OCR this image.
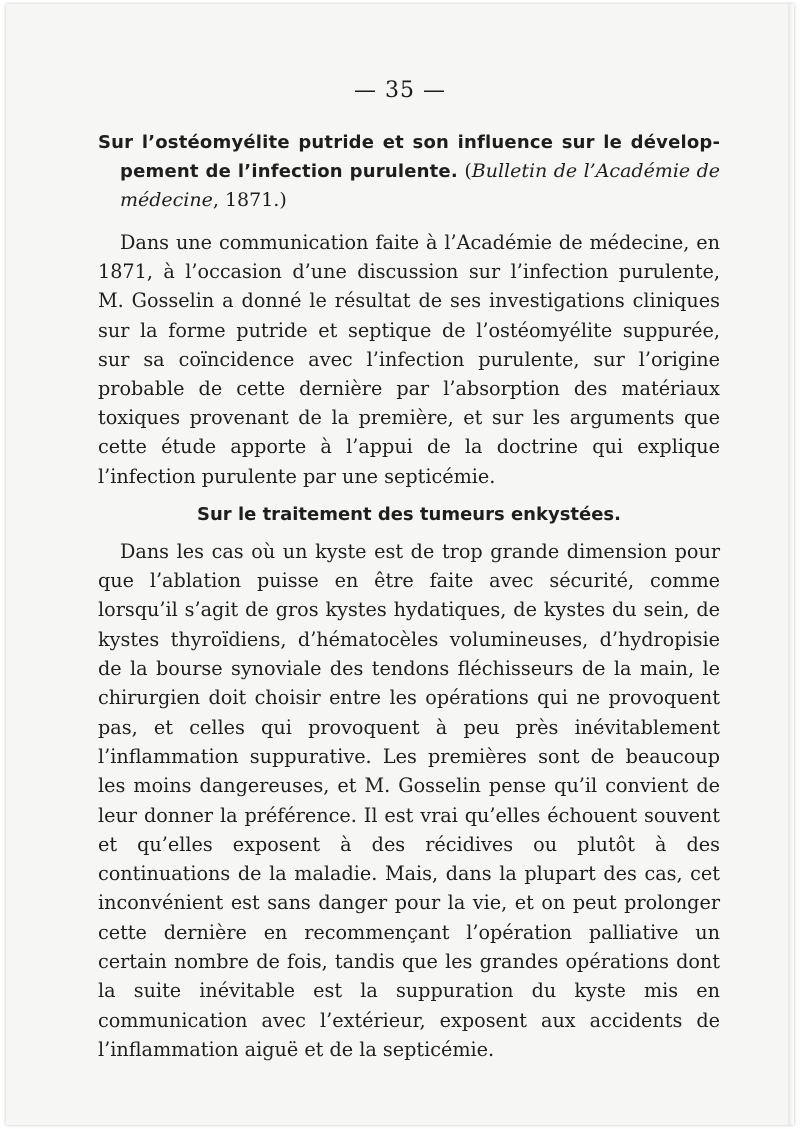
— 35 —

Sur l’ostéomyélite putride et son influence sur le développement de l’infection purulente. (Bulletin de l’Académie de médecine, 1871.)

Dans une communication faite à l’Académie de médecine, en 1871, à l’occasion d’une discussion sur l’infection purulente, M. Gosselin a donné le résultat de ses investigations cliniques sur la forme putride et septique de l’ostéomyélite suppurée, sur sa coïncidence avec l’infection purulente, sur l’origine probable de cette dernière par l’absorption des matériaux toxiques provenant de la première, et sur les arguments que cette étude apporte à l’appui de la doctrine qui explique l’infection purulente par une septicémie.

Sur le traitement des tumeurs enkystées.

Dans les cas où un kyste est de trop grande dimension pour que l’ablation puisse en être faite avec sécurité, comme lorsqu’il s’agit de gros kystes hydatiques, de kystes du sein, de kystes thyroïdiens, d’hématocèles volumineuses, d’hydropisie de la bourse synoviale des tendons fléchisseurs de la main, le chirurgien doit choisir entre les opérations qui ne provoquent pas, et celles qui provoquent à peu près inévitablement l’inflammation suppurative. Les premières sont de beaucoup les moins dangereuses, et M. Gosselin pense qu’il convient de leur donner la préférence. Il est vrai qu’elles échouent souvent et qu’elles exposent à des récidives ou plutôt à des continuations de la maladie. Mais, dans la plupart des cas, cet inconvénient est sans danger pour la vie, et on peut prolonger cette dernière en recommençant l’opération palliative un certain nombre de fois, tandis que les grandes opérations dont la suite inévitable est la suppuration du kyste mis en communication avec l’extérieur, exposent aux accidents de l’inflammation aiguë et de la septicémie.
